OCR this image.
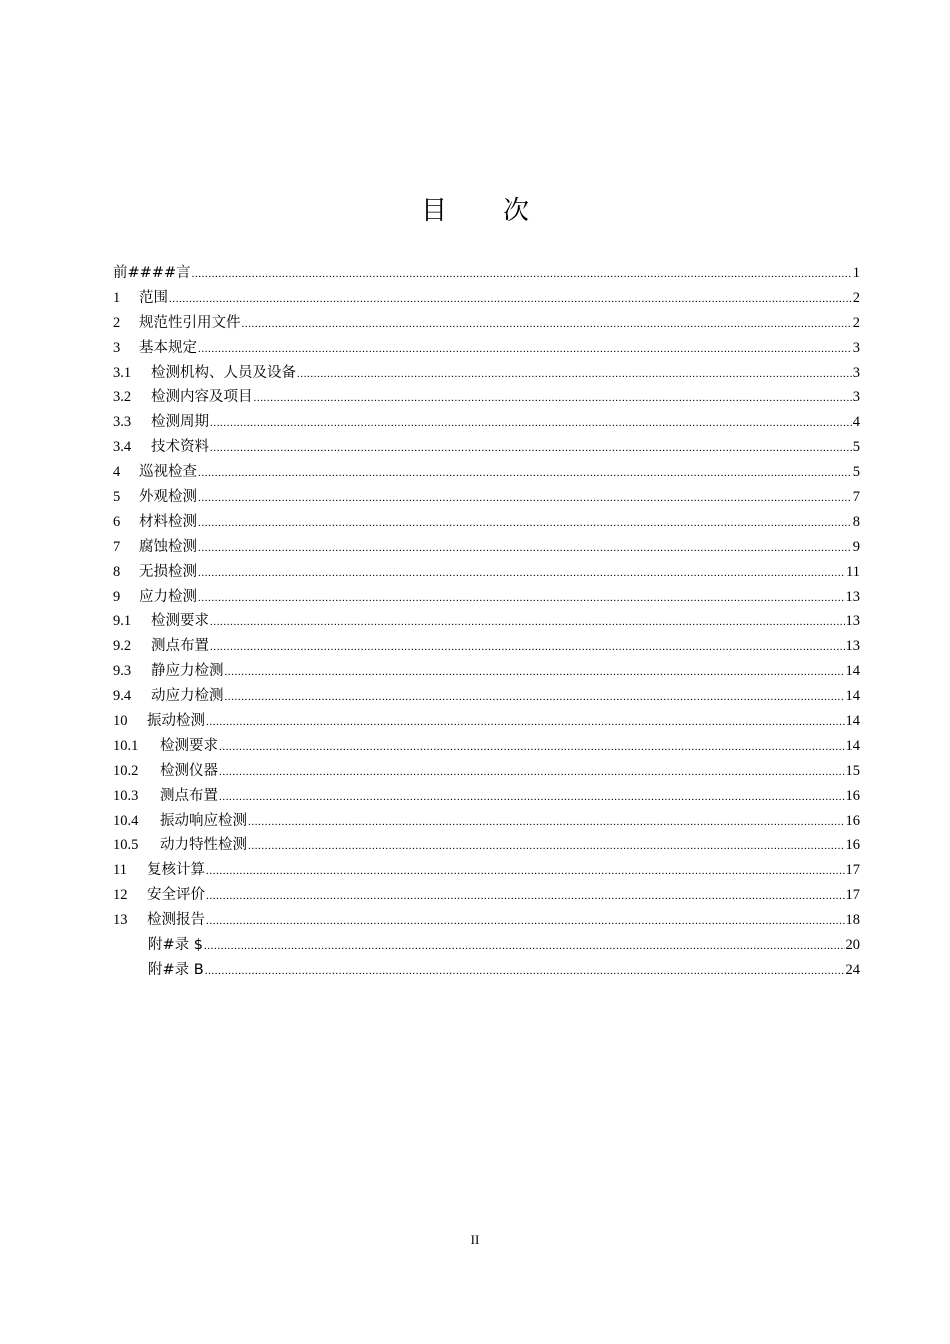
目次
前####言 .....	1
1	范围 .....	2
2	规范性引用文件 .....	2
3	基本规定 .....	3
3.1	检测机构、人员及设备 .....	3
3.2	检测内容及项目 .....	3
3.3	检测周期 .....	4
3.4	技术资料 .....	5
4	巡视检查 .....	5
5	外观检测 .....	7
6	材料检测 .....	8
7	腐蚀检测 .....	9
8	无损检测 .....	11
9	应力检测 .....	13
9.1	检测要求 .....	13
9.2	测点布置 .....	13
9.3	静应力检测 .....	14
9.4	动应力检测 .....	14
10	振动检测 .....	14
10.1	检测要求 .....	14
10.2	检测仪器 .....	15
10.3	测点布置 .....	16
10.4	振动响应检测 .....	16
10.5	动力特性检测 .....	16
11	复核计算 .....	17
12	安全评价 .....	17
13	检测报告 .....	18
附#录 $ .....	20
附#录 B .....	24
II
